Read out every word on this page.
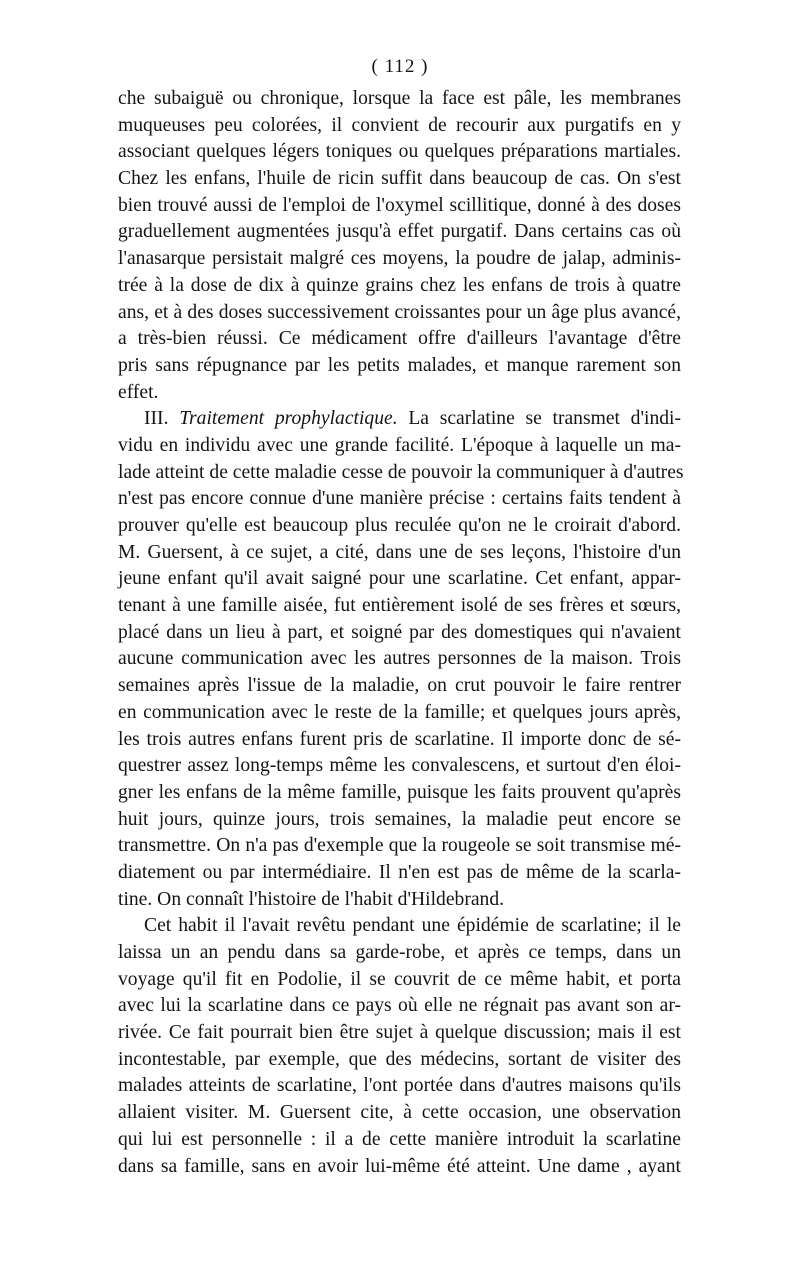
( 112 )
che subaiguë ou chronique, lorsque la face est pâle, les membranes
muqueuses peu colorées, il convient de recourir aux purgatifs en y
associant quelques légers toniques ou quelques préparations martiales.
Chez les enfans, l'huile de ricin suffit dans beaucoup de cas. On s'est
bien trouvé aussi de l'emploi de l'oxymel scillitique, donné à des doses
graduellement augmentées jusqu'à effet purgatif. Dans certains cas où
l'anasarque persistait malgré ces moyens, la poudre de jalap, adminis-
trée à la dose de dix à quinze grains chez les enfans de trois à quatre
ans, et à des doses successivement croissantes pour un âge plus avancé,
a très-bien réussi. Ce médicament offre d'ailleurs l'avantage d'être
pris sans répugnance par les petits malades, et manque rarement son
effet.
III. Traitement prophylactique. La scarlatine se transmet d'indi-
vidu en individu avec une grande facilité. L'époque à laquelle un ma-
lade atteint de cette maladie cesse de pouvoir la communiquer à d'autres
n'est pas encore connue d'une manière précise : certains faits tendent à
prouver qu'elle est beaucoup plus reculée qu'on ne le croirait d'abord.
M. Guersent, à ce sujet, a cité, dans une de ses leçons, l'histoire d'un
jeune enfant qu'il avait saigné pour une scarlatine. Cet enfant, appar-
tenant à une famille aisée, fut entièrement isolé de ses frères et sœurs,
placé dans un lieu à part, et soigné par des domestiques qui n'avaient
aucune communication avec les autres personnes de la maison. Trois
semaines après l'issue de la maladie, on crut pouvoir le faire rentrer
en communication avec le reste de la famille; et quelques jours après,
les trois autres enfans furent pris de scarlatine. Il importe donc de sé-
questrer assez long-temps même les convalescens, et surtout d'en éloi-
gner les enfans de la même famille, puisque les faits prouvent qu'après
huit jours, quinze jours, trois semaines, la maladie peut encore se
transmettre. On n'a pas d'exemple que la rougeole se soit transmise mé-
diatement ou par intermédiaire. Il n'en est pas de même de la scarla-
tine. On connaît l'histoire de l'habit d'Hildebrand.
Cet habit il l'avait revêtu pendant une épidémie de scarlatine; il le
laissa un an pendu dans sa garde-robe, et après ce temps, dans un
voyage qu'il fit en Podolie, il se couvrit de ce même habit, et porta
avec lui la scarlatine dans ce pays où elle ne régnait pas avant son ar-
rivée. Ce fait pourrait bien être sujet à quelque discussion; mais il est
incontestable, par exemple, que des médecins, sortant de visiter des
malades atteints de scarlatine, l'ont portée dans d'autres maisons qu'ils
allaient visiter. M. Guersent cite, à cette occasion, une observation
qui lui est personnelle : il a de cette manière introduit la scarlatine
dans sa famille, sans en avoir lui-même été atteint. Une dame , ayant
